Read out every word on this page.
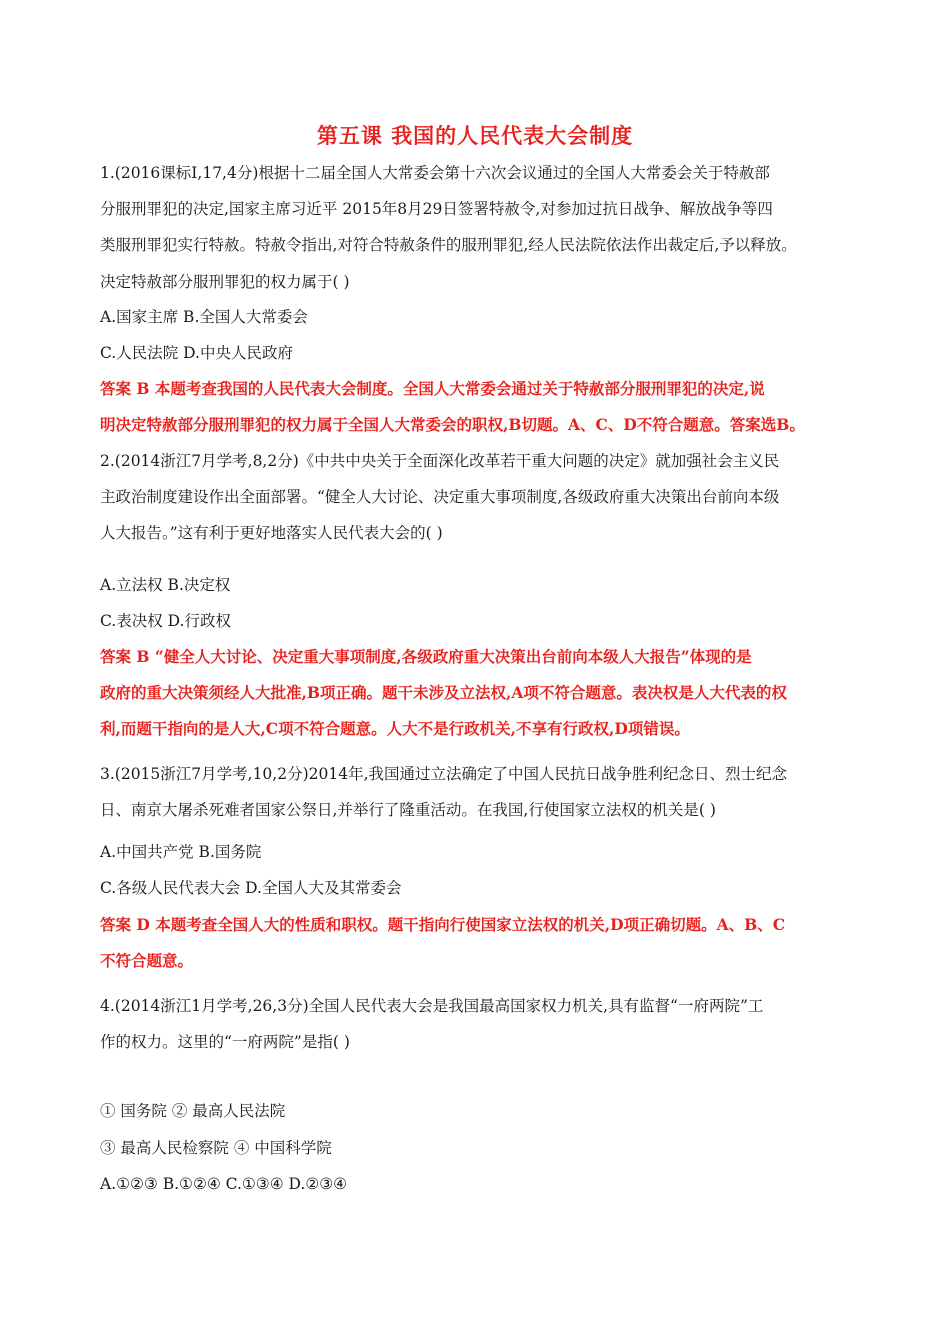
第五课 我国的人民代表大会制度
1.(2016课标Ⅰ,17,4分)根据十二届全国人大常委会第十六次会议通过的全国人大常委会关于特赦部
分服刑罪犯的决定,国家主席习近平 2015年8月29日签署特赦令,对参加过抗日战争、解放战争等四
类服刑罪犯实行特赦。特赦令指出,对符合特赦条件的服刑罪犯,经人民法院依法作出裁定后,予以释放。
决定特赦部分服刑罪犯的权力属于( )
A.国家主席 B.全国人大常委会
C.人民法院 D.中央人民政府
答案 B 本题考查我国的人民代表大会制度。全国人大常委会通过关于特赦部分服刑罪犯的决定,说
明决定特赦部分服刑罪犯的权力属于全国人大常委会的职权,B切题。A、C、D不符合题意。答案选B。
2.(2014浙江7月学考,8,2分)《中共中央关于全面深化改革若干重大问题的决定》就加强社会主义民
主政治制度建设作出全面部署。“健全人大讨论、决定重大事项制度,各级政府重大决策出台前向本级
人大报告。”这有利于更好地落实人民代表大会的( )
A.立法权 B.决定权
C.表决权 D.行政权
答案 B “健全人大讨论、决定重大事项制度,各级政府重大决策出台前向本级人大报告”体现的是
政府的重大决策须经人大批准,B项正确。题干未涉及立法权,A项不符合题意。表决权是人大代表的权
利,而题干指向的是人大,C项不符合题意。人大不是行政机关,不享有行政权,D项错误。
3.(2015浙江7月学考,10,2分)2014年,我国通过立法确定了中国人民抗日战争胜利纪念日、烈士纪念
日、南京大屠杀死难者国家公祭日,并举行了隆重活动。在我国,行使国家立法权的机关是( )
A.中国共产党 B.国务院
C.各级人民代表大会 D.全国人大及其常委会
答案 D 本题考查全国人大的性质和职权。题干指向行使国家立法权的机关,D项正确切题。A、B、C
不符合题意。
4.(2014浙江1月学考,26,3分)全国人民代表大会是我国最高国家权力机关,具有监督“一府两院”工
作的权力。这里的“一府两院”是指( )
① 国务院 ② 最高人民法院
③ 最高人民检察院 ④ 中国科学院
A.①②③ B.①②④ C.①③④ D.②③④
